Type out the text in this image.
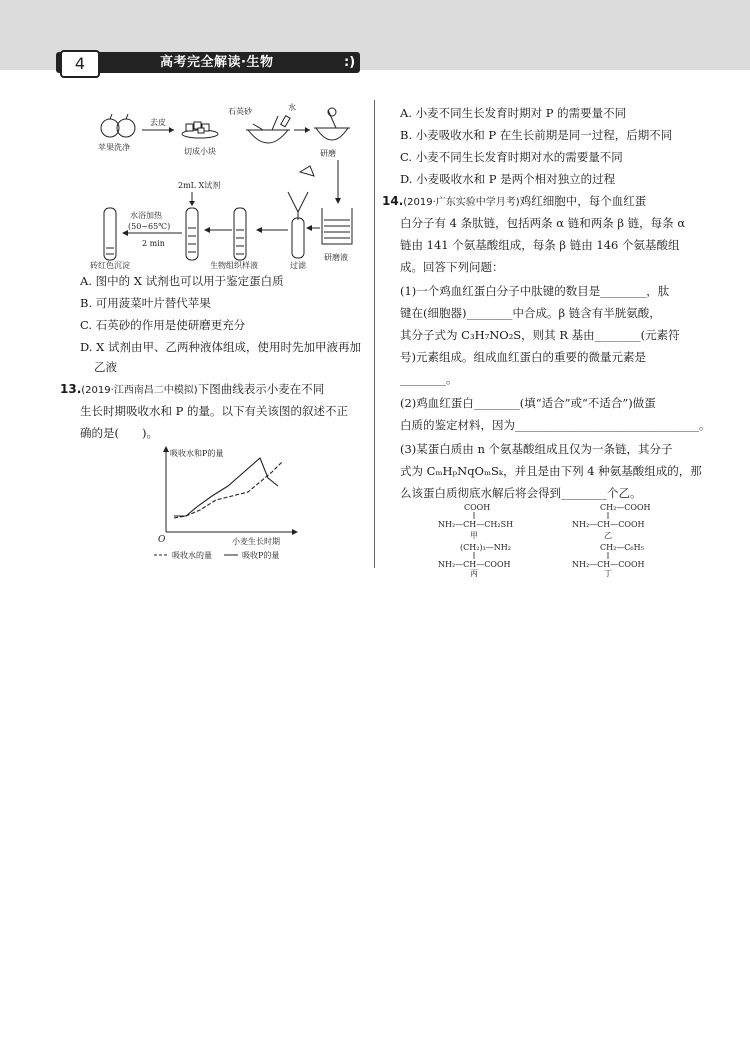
4	高考完全解读·生物	:)
苹果洗净
去皮
切成小块
石英砂	水
研磨
研磨液
过滤
生物组织样液
2mL X试剂
水浴加热
(50~65℃)
2 min
砖红色沉淀
A. 图中的 X 试剂也可以用于鉴定蛋白质
B. 可用菠菜叶片替代苹果
C. 石英砂的作用是使研磨更充分
D. X 试剂由甲、乙两种液体组成，使用时先加甲液再加
乙液
13.(2019·江西南昌二中模拟)下图曲线表示小麦在不同
生长时期吸收水和 P 的量。以下有关该图的叙述不正
确的是(　　)。
吸收水和P的量
小麦生长时期
O
吸收水的量	吸收P的量
A. 小麦不同生长发育时期对 P 的需要量不同
B. 小麦吸收水和 P 在生长前期是同一过程，后期不同
C. 小麦不同生长发育时期对水的需要量不同
D. 小麦吸收水和 P 是两个相对独立的过程
14.(2019·广东实验中学月考)鸡红细胞中，每个血红蛋
白分子有 4 条肽链，包括两条 α 链和两条 β 链，每条 α
链由 141 个氨基酸组成，每条 β 链由 146 个氨基酸组
成。回答下列问题：
(1)一个鸡血红蛋白分子中肽键的数目是________，肽
键在(细胞器)________中合成。β 链含有半胱氨酸，
其分子式为 C₃H₇NO₂S，则其 R 基由________(元素符
号)元素组成。组成血红蛋白的重要的微量元素是
________。
(2)鸡血红蛋白________(填“适合”或“不适合”)做蛋
白质的鉴定材料，因为________________________________。
(3)某蛋白质由 n 个氨基酸组成且仅为一条链，其分子
式为 CₘHₚNqOₘSₖ，并且是由下列 4 种氨基酸组成的，那
么该蛋白质彻底水解后将会得到________个乙。
COOH
NH₂—CH—CH₂SH
甲
CH₂—COOH
NH₂—CH—COOH
乙
(CH₂)₃—NH₂
NH₂—CH—COOH
丙
CH₂—C₆H₅
NH₂—CH—COOH
丁
